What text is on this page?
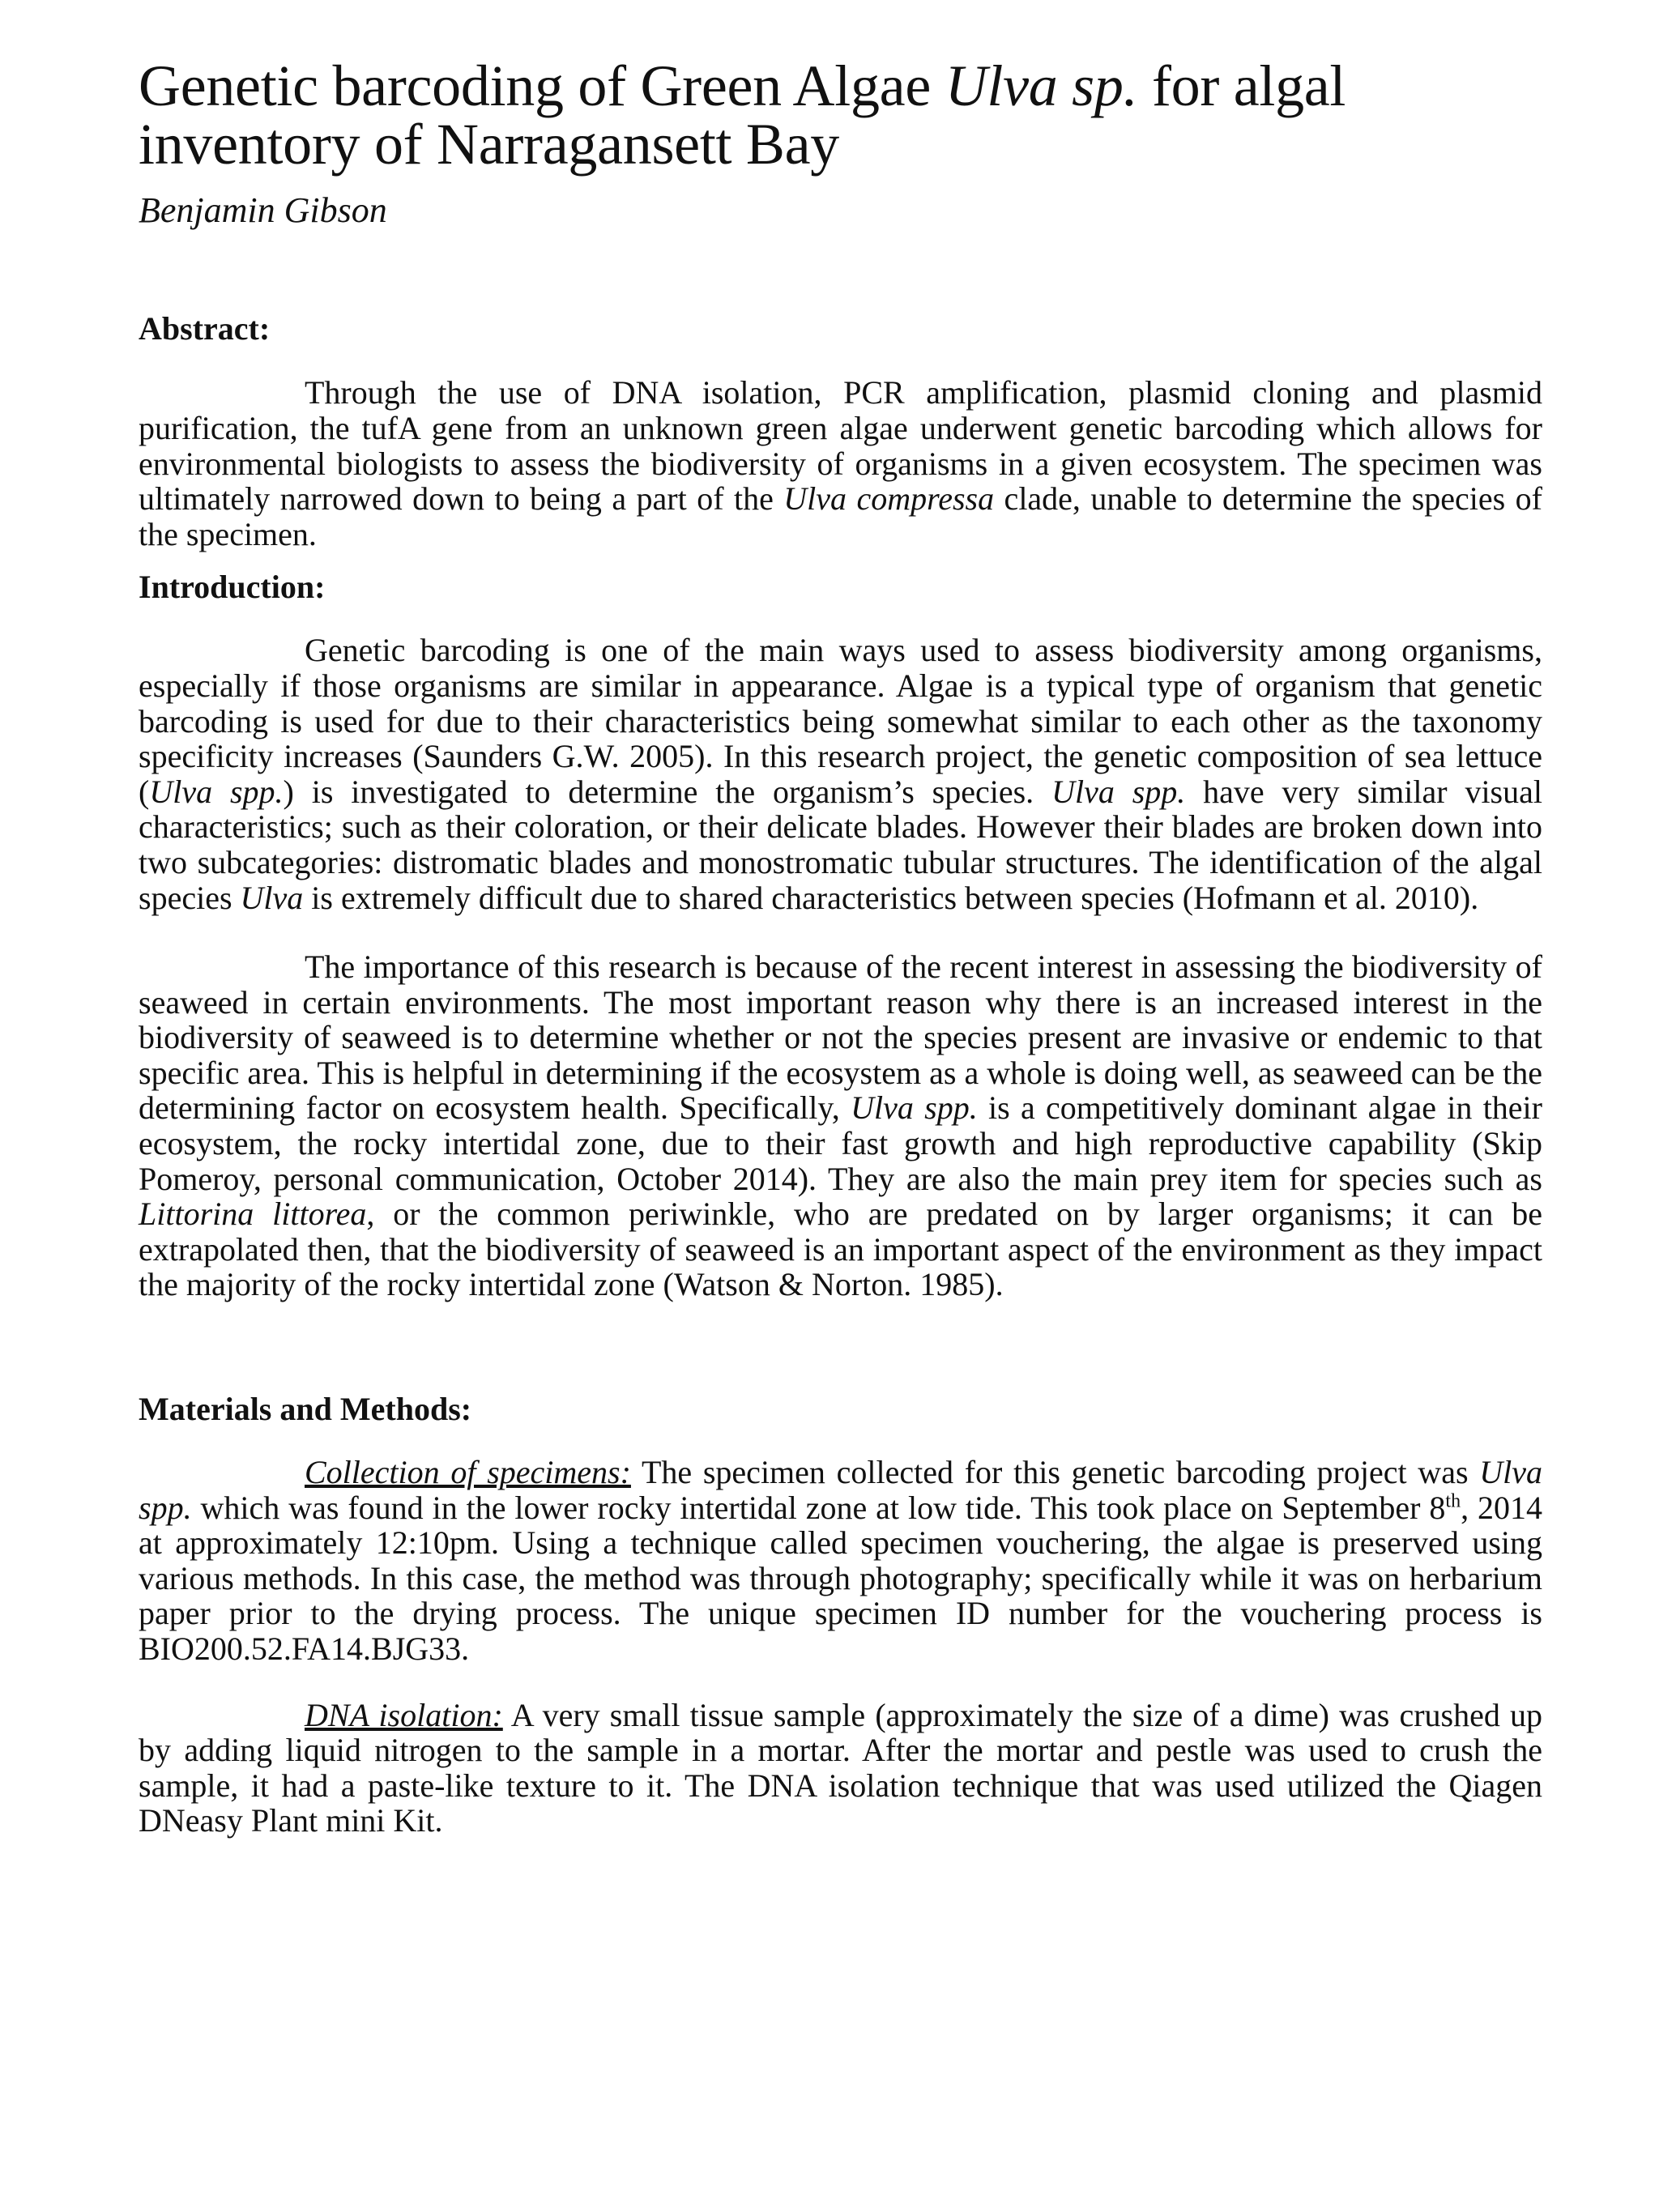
Genetic barcoding of Green Algae Ulva sp. for algal
inventory of Narragansett Bay
Benjamin Gibson
Abstract:

Through the use of DNA isolation, PCR amplification, plasmid cloning and plasmid purification, the tufA gene from an unknown green algae underwent genetic barcoding which allows for environmental biologists to assess the biodiversity of organisms in a given ecosystem. The specimen was ultimately narrowed down to being a part of the Ulva compressa clade, unable to determine the species of the specimen.

Introduction:

Genetic barcoding is one of the main ways used to assess biodiversity among organisms, especially if those organisms are similar in appearance. Algae is a typical type of organism that genetic barcoding is used for due to their characteristics being somewhat similar to each other as the taxonomy specificity increases (Saunders G.W. 2005). In this research project, the genetic composition of sea lettuce (Ulva spp.) is investigated to determine the organism’s species. Ulva spp. have very similar visual characteristics; such as their coloration, or their delicate blades. However their blades are broken down into two subcategories: distromatic blades and monostromatic tubular structures. The identification of the algal species Ulva is extremely difficult due to shared characteristics between species (Hofmann et al. 2010).

The importance of this research is because of the recent interest in assessing the biodiversity of seaweed in certain environments. The most important reason why there is an increased interest in the biodiversity of seaweed is to determine whether or not the species present are invasive or endemic to that specific area. This is helpful in determining if the ecosystem as a whole is doing well, as seaweed can be the determining factor on ecosystem health. Specifically, Ulva spp. is a competitively dominant algae in their ecosystem, the rocky intertidal zone, due to their fast growth and high reproductive capability (Skip Pomeroy, personal communication, October 2014). They are also the main prey item for species such as Littorina littorea, or the common periwinkle, who are predated on by larger organisms; it can be extrapolated then, that the biodiversity of seaweed is an important aspect of the environment as they impact the majority of the rocky intertidal zone (Watson & Norton. 1985).

Materials and Methods:

Collection of specimens: The specimen collected for this genetic barcoding project was Ulva spp. which was found in the lower rocky intertidal zone at low tide. This took place on September 8th, 2014 at approximately 12:10pm. Using a technique called specimen vouchering, the algae is preserved using various methods. In this case, the method was through photography; specifically while it was on herbarium paper prior to the drying process. The unique specimen ID number for the vouchering process is BIO200.52.FA14.BJG33.

DNA isolation: A very small tissue sample (approximately the size of a dime) was crushed up by adding liquid nitrogen to the sample in a mortar. After the mortar and pestle was used to crush the sample, it had a paste-like texture to it. The DNA isolation technique that was used utilized the Qiagen DNeasy Plant mini Kit.
